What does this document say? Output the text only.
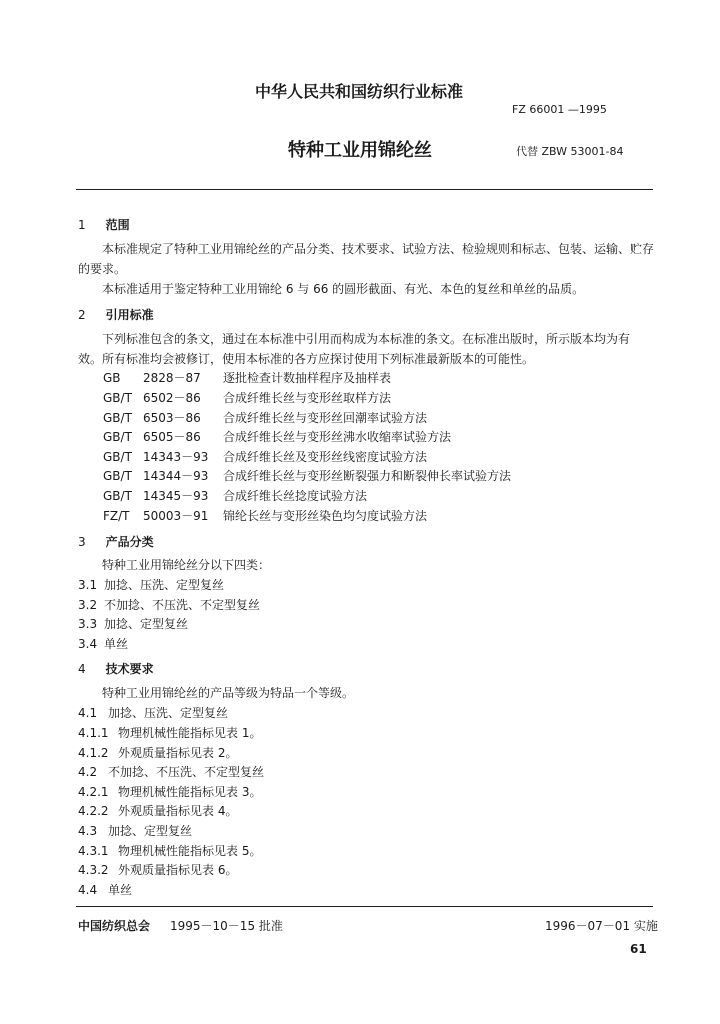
中华人民共和国纺织行业标准
FZ 66001 —1995
特种工业用锦纶丝	代替 ZBW 53001-84
1 范围
本标准规定了特种工业用锦纶丝的产品分类、技术要求、试验方法、检验规则和标志、包装、运输、贮存
的要求。
本标准适用于鉴定特种工业用锦纶 6 与 66 的圆形截面、有光、本色的复丝和单丝的品质。
2 引用标准
下列标准包含的条文，通过在本标准中引用而构成为本标准的条文。在标准出版时，所示版本均为有
效。所有标准均会被修订，使用本标准的各方应探讨使用下列标准最新版本的可能性。
GB 2828－87 逐批检查计数抽样程序及抽样表
GB/T 6502－86 合成纤维长丝与变形丝取样方法
GB/T 6503－86 合成纤维长丝与变形丝回潮率试验方法
GB/T 6505－86 合成纤维长丝与变形丝沸水收缩率试验方法
GB/T 14343－93 合成纤维长丝及变形丝线密度试验方法
GB/T 14344－93 合成纤维长丝与变形丝断裂强力和断裂伸长率试验方法
GB/T 14345－93 合成纤维长丝捻度试验方法
FZ/T 50003－91 锦纶长丝与变形丝染色均匀度试验方法
3 产品分类
特种工业用锦纶丝分以下四类：
3.1 加捻、压洗、定型复丝
3.2 不加捻、不压洗、不定型复丝
3.3 加捻、定型复丝
3.4 单丝
4 技术要求
特种工业用锦纶丝的产品等级为特品一个等级。
4.1 加捻、压洗、定型复丝
4.1.1 物理机械性能指标见表 1。
4.1.2 外观质量指标见表 2。
4.2 不加捻、不压洗、不定型复丝
4.2.1 物理机械性能指标见表 3。
4.2.2 外观质量指标见表 4。
4.3 加捻、定型复丝
4.3.1 物理机械性能指标见表 5。
4.3.2 外观质量指标见表 6。
4.4 单丝
中国纺织总会 1995－10－15 批准	1996－07－01 实施
61
